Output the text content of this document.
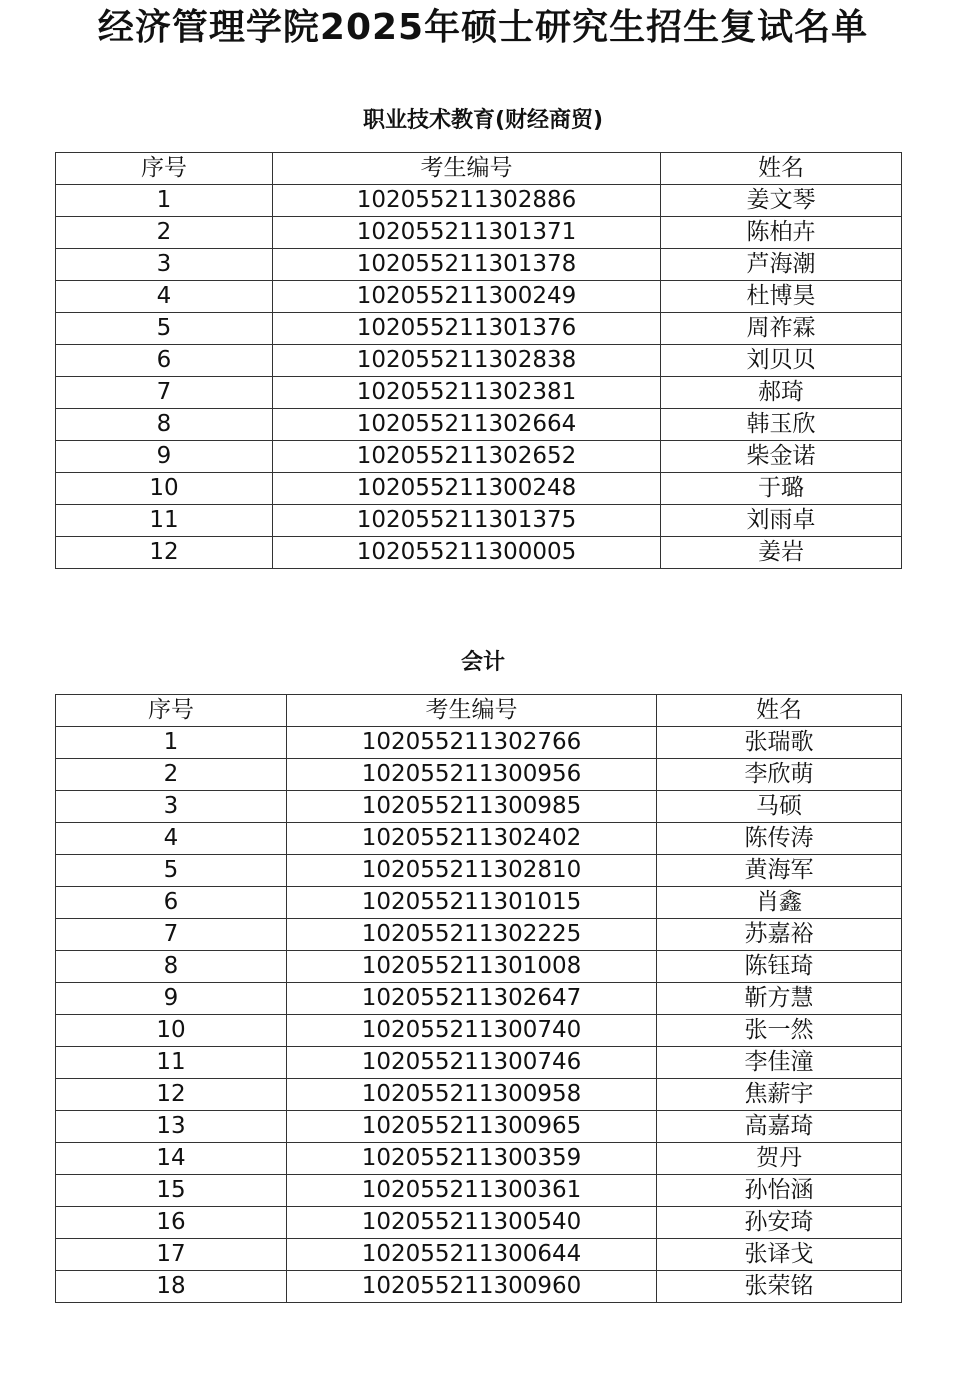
经济管理学院2025年硕士研究生招生复试名单
职业技术教育(财经商贸)
序号	考生编号	姓名
1	102055211302886	姜文琴
2	102055211301371	陈柏卉
3	102055211301378	芦海潮
4	102055211300249	杜博昊
5	102055211301376	周祚霖
6	102055211302838	刘贝贝
7	102055211302381	郝琦
8	102055211302664	韩玉欣
9	102055211302652	柴金诺
10	102055211300248	于璐
11	102055211301375	刘雨卓
12	102055211300005	姜岩
会计
序号	考生编号	姓名
1	102055211302766	张瑞歌
2	102055211300956	李欣萌
3	102055211300985	马硕
4	102055211302402	陈传涛
5	102055211302810	黄海军
6	102055211301015	肖鑫
7	102055211302225	苏嘉裕
8	102055211301008	陈钰琦
9	102055211302647	靳方慧
10	102055211300740	张一然
11	102055211300746	李佳潼
12	102055211300958	焦薪宇
13	102055211300965	高嘉琦
14	102055211300359	贺丹
15	102055211300361	孙怡涵
16	102055211300540	孙安琦
17	102055211300644	张译戈
18	102055211300960	张荣铭
